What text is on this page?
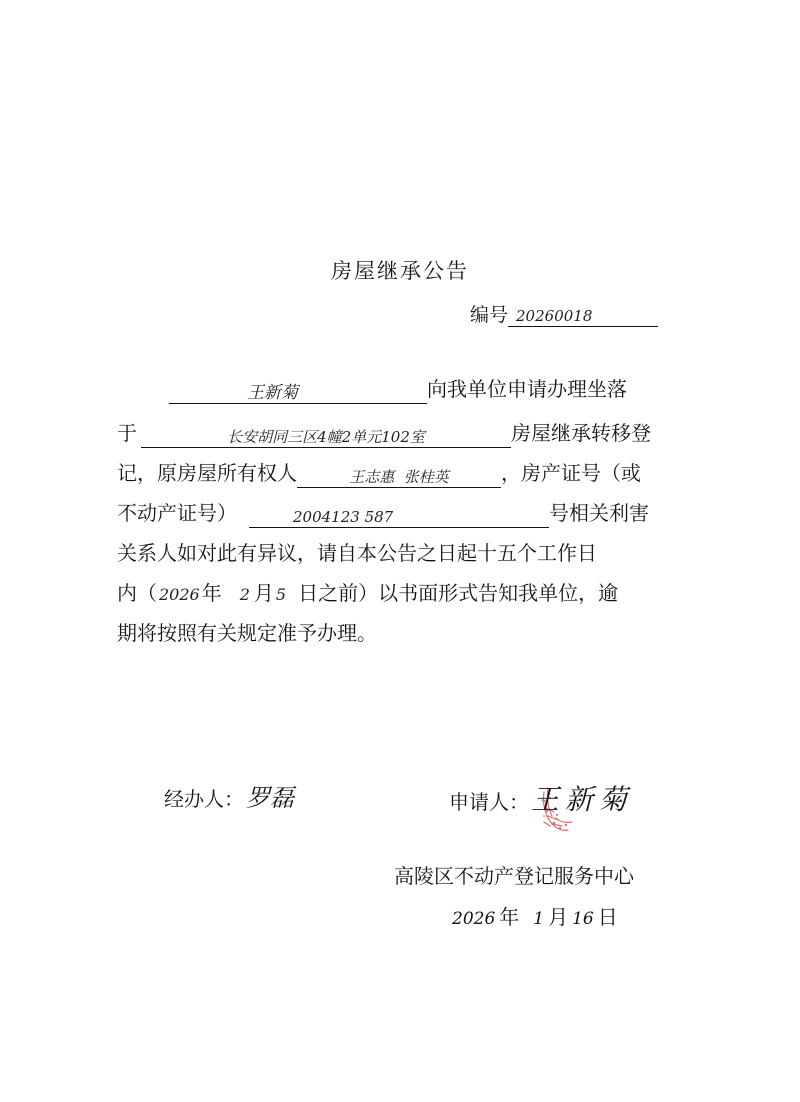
房屋继承公告
编号 20260018
王新菊	向我单位申请办理坐落
于	长安胡同三区4幢2单元102室	房屋继承转移登
记，原房屋所有权人	王志惠  张桂英	，房产证号（或
不动产证号）	2004123 587	号相关利害
关系人如对此有异议，请自本公告之日起十五个工作日
内（ 2026 年 2 月 5 日之前）以书面形式告知我单位，逾
期将按照有关规定准予办理。
经办人：罗磊	申请人：王新菊
高陵区不动产登记服务中心
2026 年 1 月 16 日
